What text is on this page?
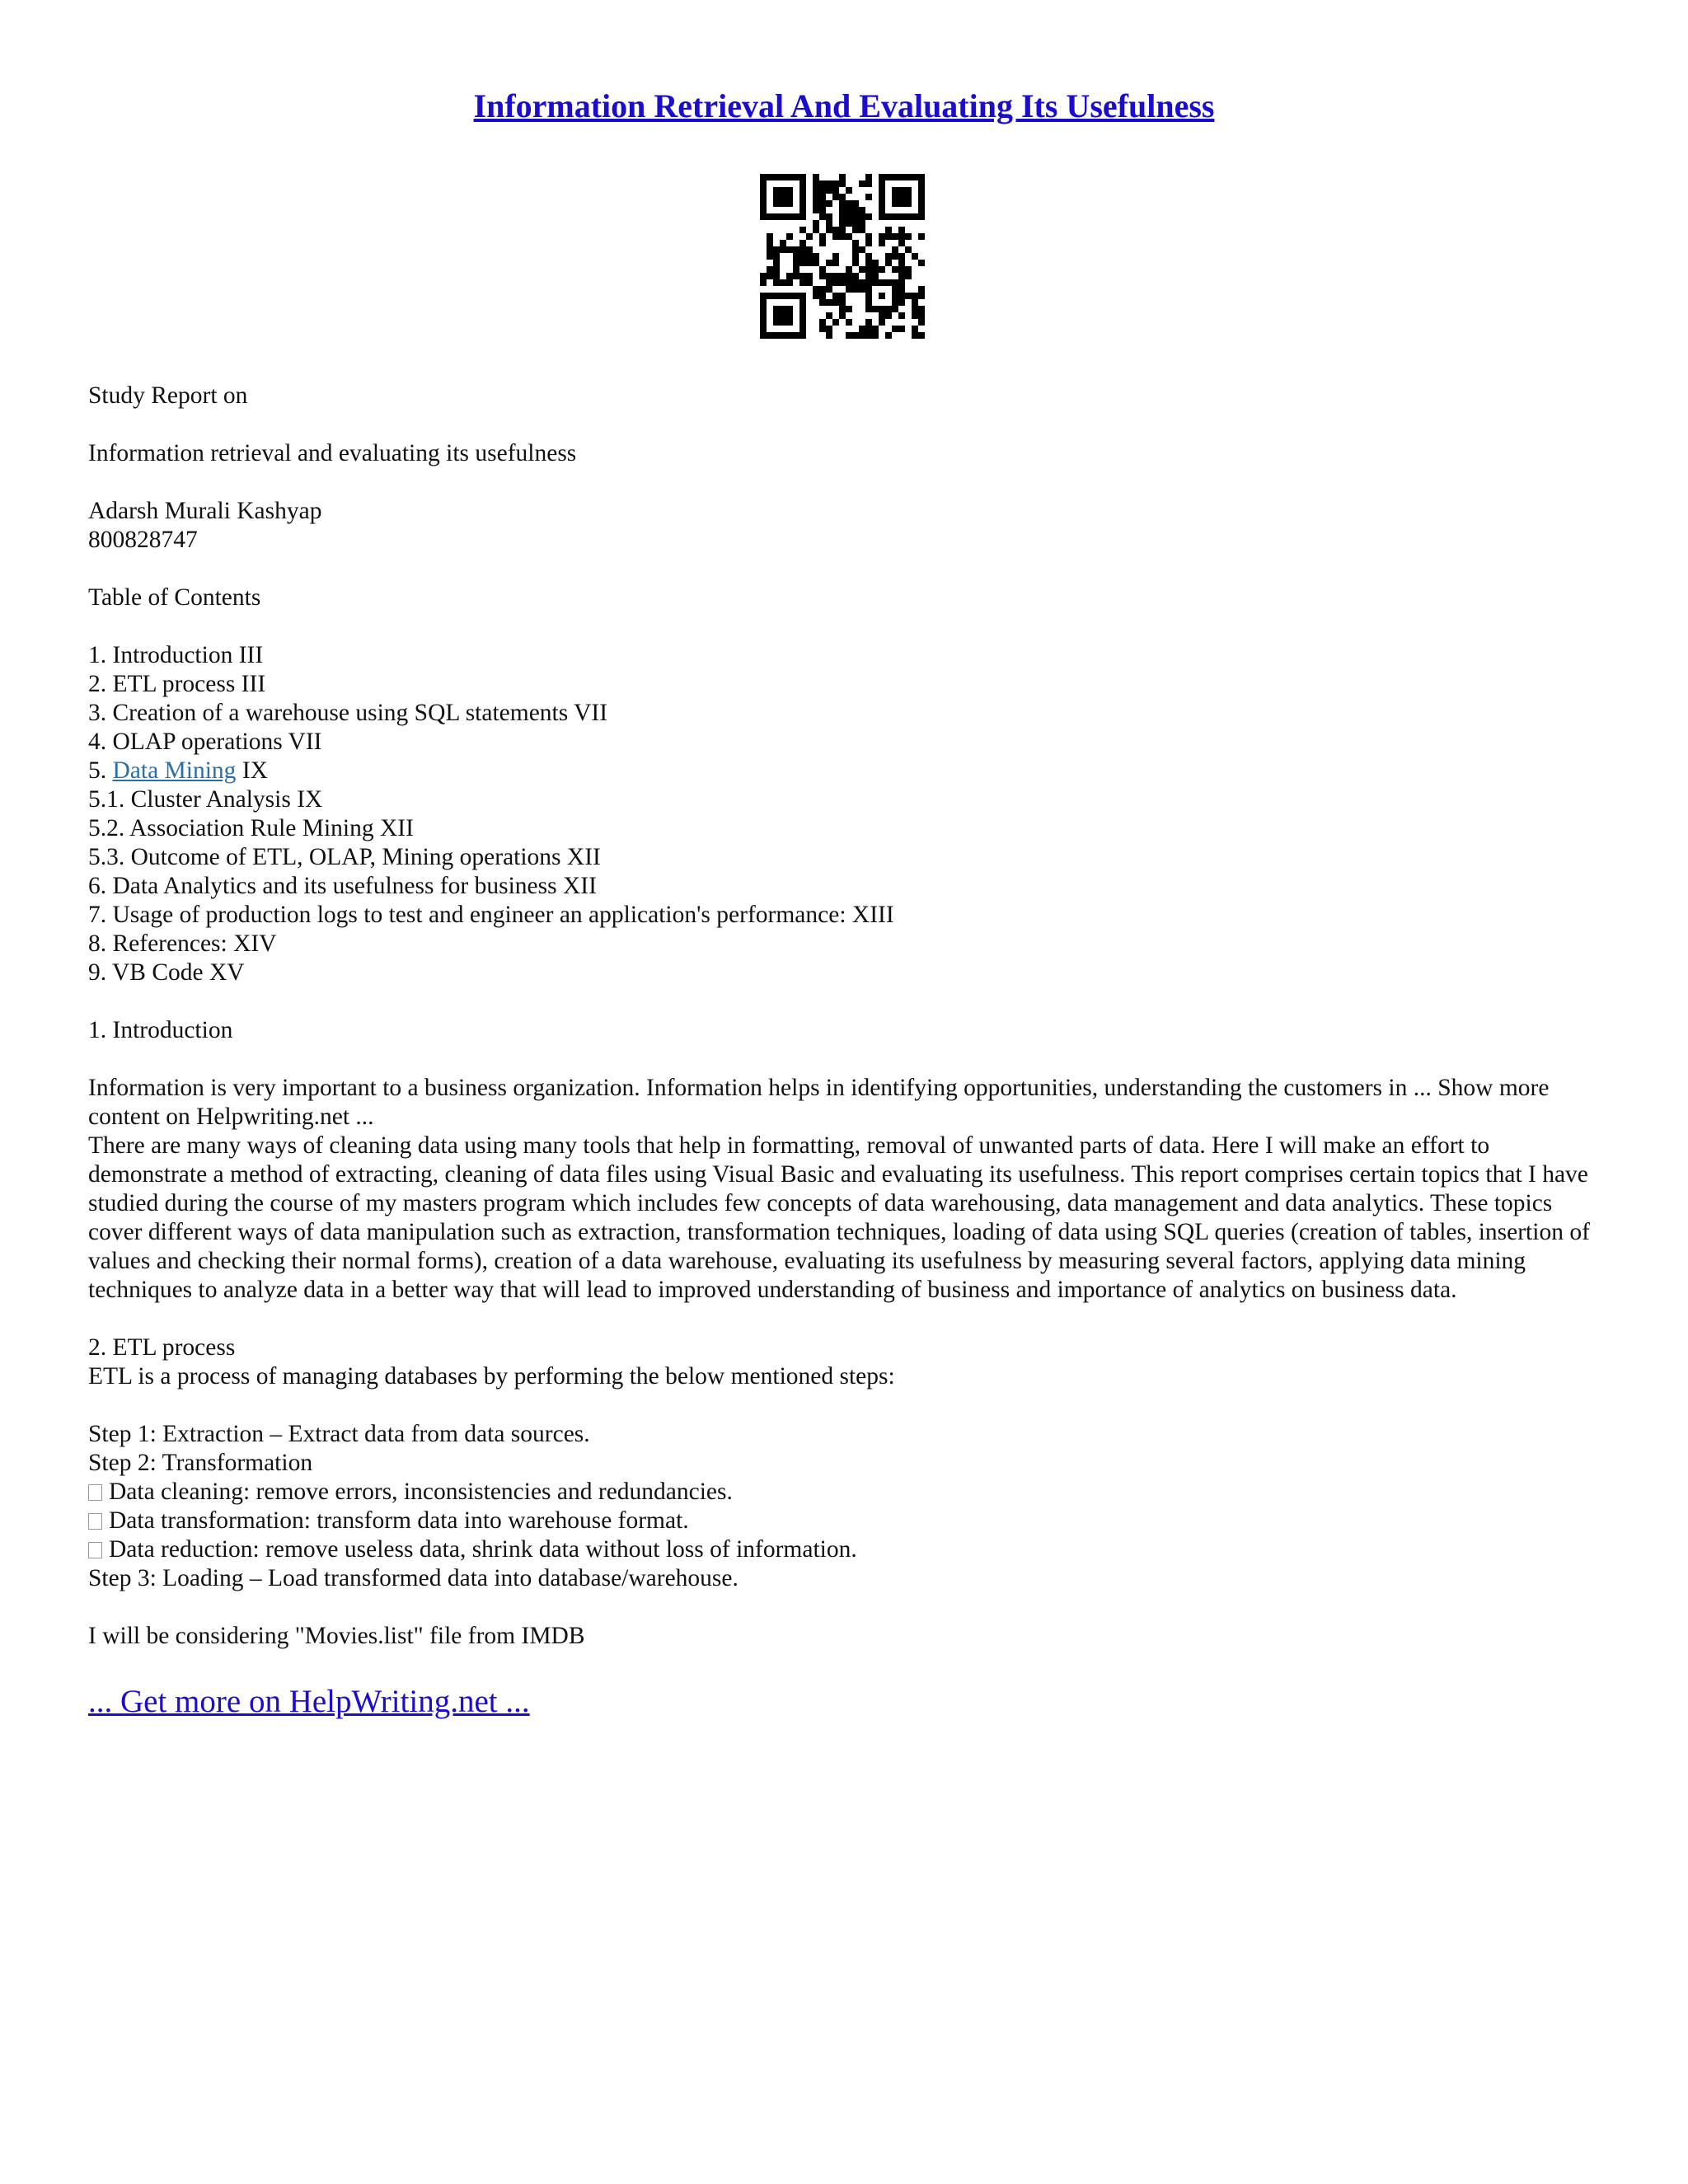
Information Retrieval And Evaluating Its Usefulness
Study Report on
Information retrieval and evaluating its usefulness
Adarsh Murali Kashyap
800828747
Table of Contents
1. Introduction III
2. ETL process III
3. Creation of a warehouse using SQL statements VII
4. OLAP operations VII
5. Data Mining IX
5.1. Cluster Analysis IX
5.2. Association Rule Mining XII
5.3. Outcome of ETL, OLAP, Mining operations XII
6. Data Analytics and its usefulness for business XII
7. Usage of production logs to test and engineer an application's performance: XIII
8. References: XIV
9. VB Code XV
1. Introduction
Information is very important to a business organization. Information helps in identifying opportunities, understanding the customers in ... Show more content on Helpwriting.net ...
There are many ways of cleaning data using many tools that help in formatting, removal of unwanted parts of data. Here I will make an effort to demonstrate a method of extracting, cleaning of data files using Visual Basic and evaluating its usefulness. This report comprises certain topics that I have studied during the course of my masters program which includes few concepts of data warehousing, data management and data analytics. These topics cover different ways of data manipulation such as extraction, transformation techniques, loading of data using SQL queries (creation of tables, insertion of values and checking their normal forms), creation of a data warehouse, evaluating its usefulness by measuring several factors, applying data mining techniques to analyze data in a better way that will lead to improved understanding of business and importance of analytics on business data.
2. ETL process
ETL is a process of managing databases by performing the below mentioned steps:
Step 1: Extraction – Extract data from data sources.
Step 2: Transformation
Data cleaning: remove errors, inconsistencies and redundancies.
Data transformation: transform data into warehouse format.
Data reduction: remove useless data, shrink data without loss of information.
Step 3: Loading – Load transformed data into database/warehouse.
I will be considering "Movies.list" file from IMDB
... Get more on HelpWriting.net ...
